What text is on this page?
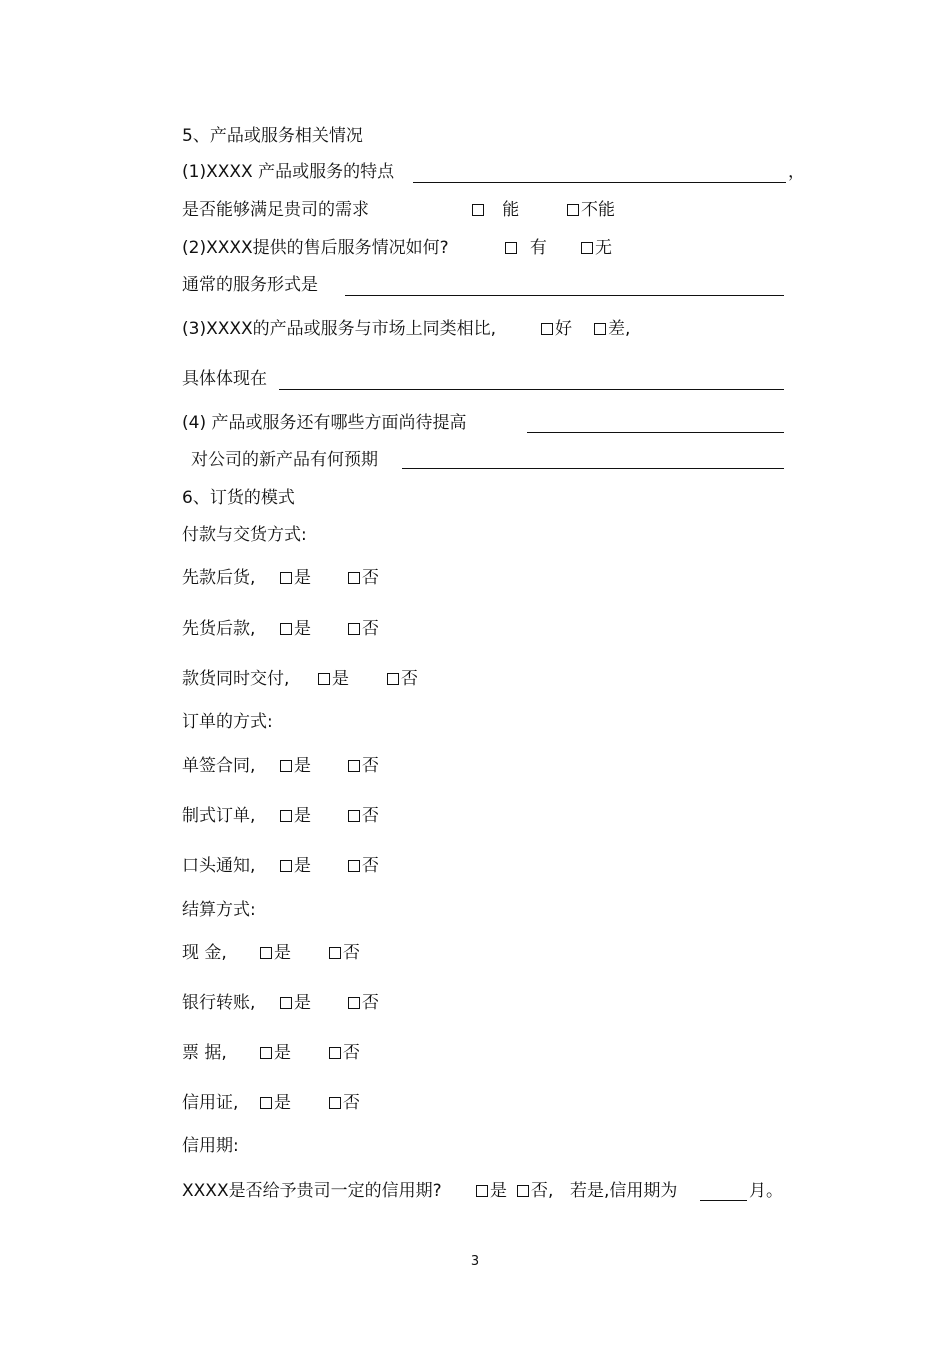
5、产品或服务相关情况
(1)XXXX 产品或服务的特点	，
是否能够满足贵司的需求	能	不能
(2)XXXX提供的售后服务情况如何?	有	无
通常的服务形式是
(3)XXXX的产品或服务与市场上同类相比,	好	差,
具体体现在
(4) 产品或服务还有哪些方面尚待提高
对公司的新产品有何预期
6、订货的模式
付款与交货方式:
先款后货,	是	否
先货后款,	是	否
款货同时交付,	是	否
订单的方式:
单签合同,	是	否
制式订单,	是	否
口头通知,	是	否
结算方式:
现 金,	是	否
银行转账,	是	否
票 据,	是	否
信用证,	是	否
信用期:
XXXX是否给予贵司一定的信用期?	是	否, 若是,信用期为	月。
3
